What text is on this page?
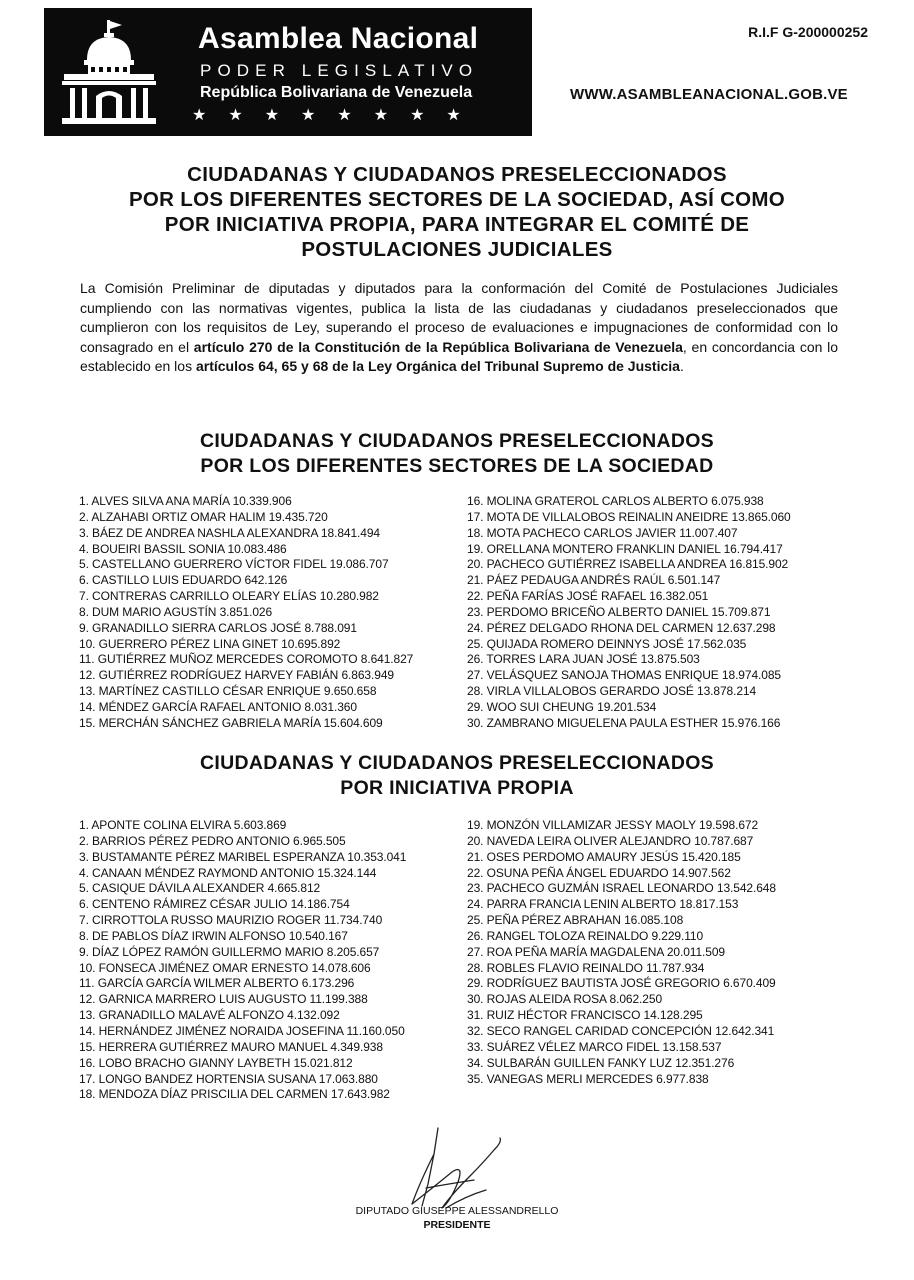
Asamblea Nacional
PODER LEGISLATIVO
República Bolivariana de Venezuela
★ ★ ★ ★ ★ ★ ★ ★
R.I.F G-200000252
WWW.ASAMBLEANACIONAL.GOB.VE
CIUDADANAS Y CIUDADANOS PRESELECCIONADOS
POR LOS DIFERENTES SECTORES DE LA SOCIEDAD, ASÍ COMO
POR INICIATIVA PROPIA, PARA INTEGRAR EL COMITÉ DE
POSTULACIONES JUDICIALES

La Comisión Preliminar de diputadas y diputados para la conformación del Comité de Postulaciones Judiciales cumpliendo con las normativas vigentes, publica la lista de las ciudadanas y ciudadanos preseleccionados que cumplieron con los requisitos de Ley, superando el proceso de evaluaciones e impugnaciones de conformidad con lo consagrado en el artículo 270 de la Constitución de la República Bolivariana de Venezuela, en concordancia con lo establecido en los artículos 64, 65 y 68 de la Ley Orgánica del Tribunal Supremo de Justicia.

CIUDADANAS Y CIUDADANOS PRESELECCIONADOS
POR LOS DIFERENTES SECTORES DE LA SOCIEDAD
1. ALVES SILVA ANA MARÍA 10.339.906
2. ALZAHABI ORTIZ OMAR HALIM 19.435.720
3. BÁEZ DE ANDREA NASHLA ALEXANDRA 18.841.494
4. BOUEIRI BASSIL SONIA 10.083.486
5. CASTELLANO GUERRERO VÍCTOR FIDEL 19.086.707
6. CASTILLO LUIS EDUARDO 642.126
7. CONTRERAS CARRILLO OLEARY ELÍAS 10.280.982
8. DUM MARIO AGUSTÍN 3.851.026
9. GRANADILLO SIERRA CARLOS JOSÉ 8.788.091
10. GUERRERO PÉREZ LINA GINET 10.695.892
11. GUTIÉRREZ MUÑOZ MERCEDES COROMOTO 8.641.827
12. GUTIÉRREZ RODRÍGUEZ HARVEY FABIÁN 6.863.949
13. MARTÍNEZ CASTILLO CÉSAR ENRIQUE 9.650.658
14. MÉNDEZ GARCÍA RAFAEL ANTONIO 8.031.360
15. MERCHÁN SÁNCHEZ GABRIELA MARÍA 15.604.609
16. MOLINA GRATEROL CARLOS ALBERTO 6.075.938
17. MOTA DE VILLALOBOS REINALIN ANEIDRE 13.865.060
18. MOTA PACHECO CARLOS JAVIER 11.007.407
19. ORELLANA MONTERO FRANKLIN DANIEL 16.794.417
20. PACHECO GUTIÉRREZ ISABELLA ANDREA 16.815.902
21. PÁEZ PEDAUGA ANDRÉS RAÚL 6.501.147
22. PEÑA FARÍAS JOSÉ RAFAEL 16.382.051
23. PERDOMO BRICEÑO ALBERTO DANIEL 15.709.871
24. PÉREZ DELGADO RHONA DEL CARMEN 12.637.298
25. QUIJADA ROMERO DEINNYS JOSÉ 17.562.035
26. TORRES LARA JUAN JOSÉ 13.875.503
27. VELÁSQUEZ SANOJA THOMAS ENRIQUE 18.974.085
28. VIRLA VILLALOBOS GERARDO JOSÉ 13.878.214
29. WOO SUI CHEUNG 19.201.534
30. ZAMBRANO MIGUELENA PAULA ESTHER 15.976.166
CIUDADANAS Y CIUDADANOS PRESELECCIONADOS
POR INICIATIVA PROPIA
1. APONTE COLINA ELVIRA 5.603.869
2. BARRIOS PÉREZ PEDRO ANTONIO 6.965.505
3. BUSTAMANTE PÉREZ MARIBEL ESPERANZA 10.353.041
4. CANAAN MÉNDEZ RAYMOND ANTONIO 15.324.144
5. CASIQUE DÁVILA ALEXANDER 4.665.812
6. CENTENO RÁMIREZ CÉSAR JULIO 14.186.754
7. CIRROTTOLA RUSSO MAURIZIO ROGER 11.734.740
8. DE PABLOS DÍAZ IRWIN ALFONSO 10.540.167
9. DÍAZ LÓPEZ RAMÓN GUILLERMO MARIO 8.205.657
10. FONSECA JIMÉNEZ OMAR ERNESTO 14.078.606
11. GARCÍA GARCÍA WILMER ALBERTO 6.173.296
12. GARNICA MARRERO LUIS AUGUSTO 11.199.388
13. GRANADILLO MALAVÉ ALFONZO 4.132.092
14. HERNÁNDEZ JIMÉNEZ NORAIDA JOSEFINA 11.160.050
15. HERRERA GUTIÉRREZ MAURO MANUEL 4.349.938
16. LOBO BRACHO GIANNY LAYBETH 15.021.812
17. LONGO BANDEZ HORTENSIA SUSANA 17.063.880
18. MENDOZA DÍAZ PRISCILIA DEL CARMEN 17.643.982
19. MONZÓN VILLAMIZAR JESSY MAOLY 19.598.672
20. NAVEDA LEIRA OLIVER ALEJANDRO 10.787.687
21. OSES PERDOMO AMAURY JESÚS 15.420.185
22. OSUNA PEÑA ÁNGEL EDUARDO 14.907.562
23. PACHECO GUZMÁN ISRAEL LEONARDO 13.542.648
24. PARRA FRANCIA LENIN ALBERTO 18.817.153
25. PEÑA PÉREZ ABRAHAN 16.085.108
26. RANGEL TOLOZA REINALDO 9.229.110
27. ROA PEÑA MARÍA MAGDALENA 20.011.509
28. ROBLES FLAVIO REINALDO 11.787.934
29. RODRÍGUEZ BAUTISTA JOSÉ GREGORIO 6.670.409
30. ROJAS ALEIDA ROSA 8.062.250
31. RUIZ HÉCTOR FRANCISCO 14.128.295
32. SECO RANGEL CARIDAD CONCEPCIÓN 12.642.341
33. SUÁREZ VÉLEZ MARCO FIDEL 13.158.537
34. SULBARÁN GUILLEN FANKY LUZ 12.351.276
35. VANEGAS MERLI MERCEDES 6.977.838
DIPUTADO GIUSEPPE ALESSANDRELLO
PRESIDENTE
